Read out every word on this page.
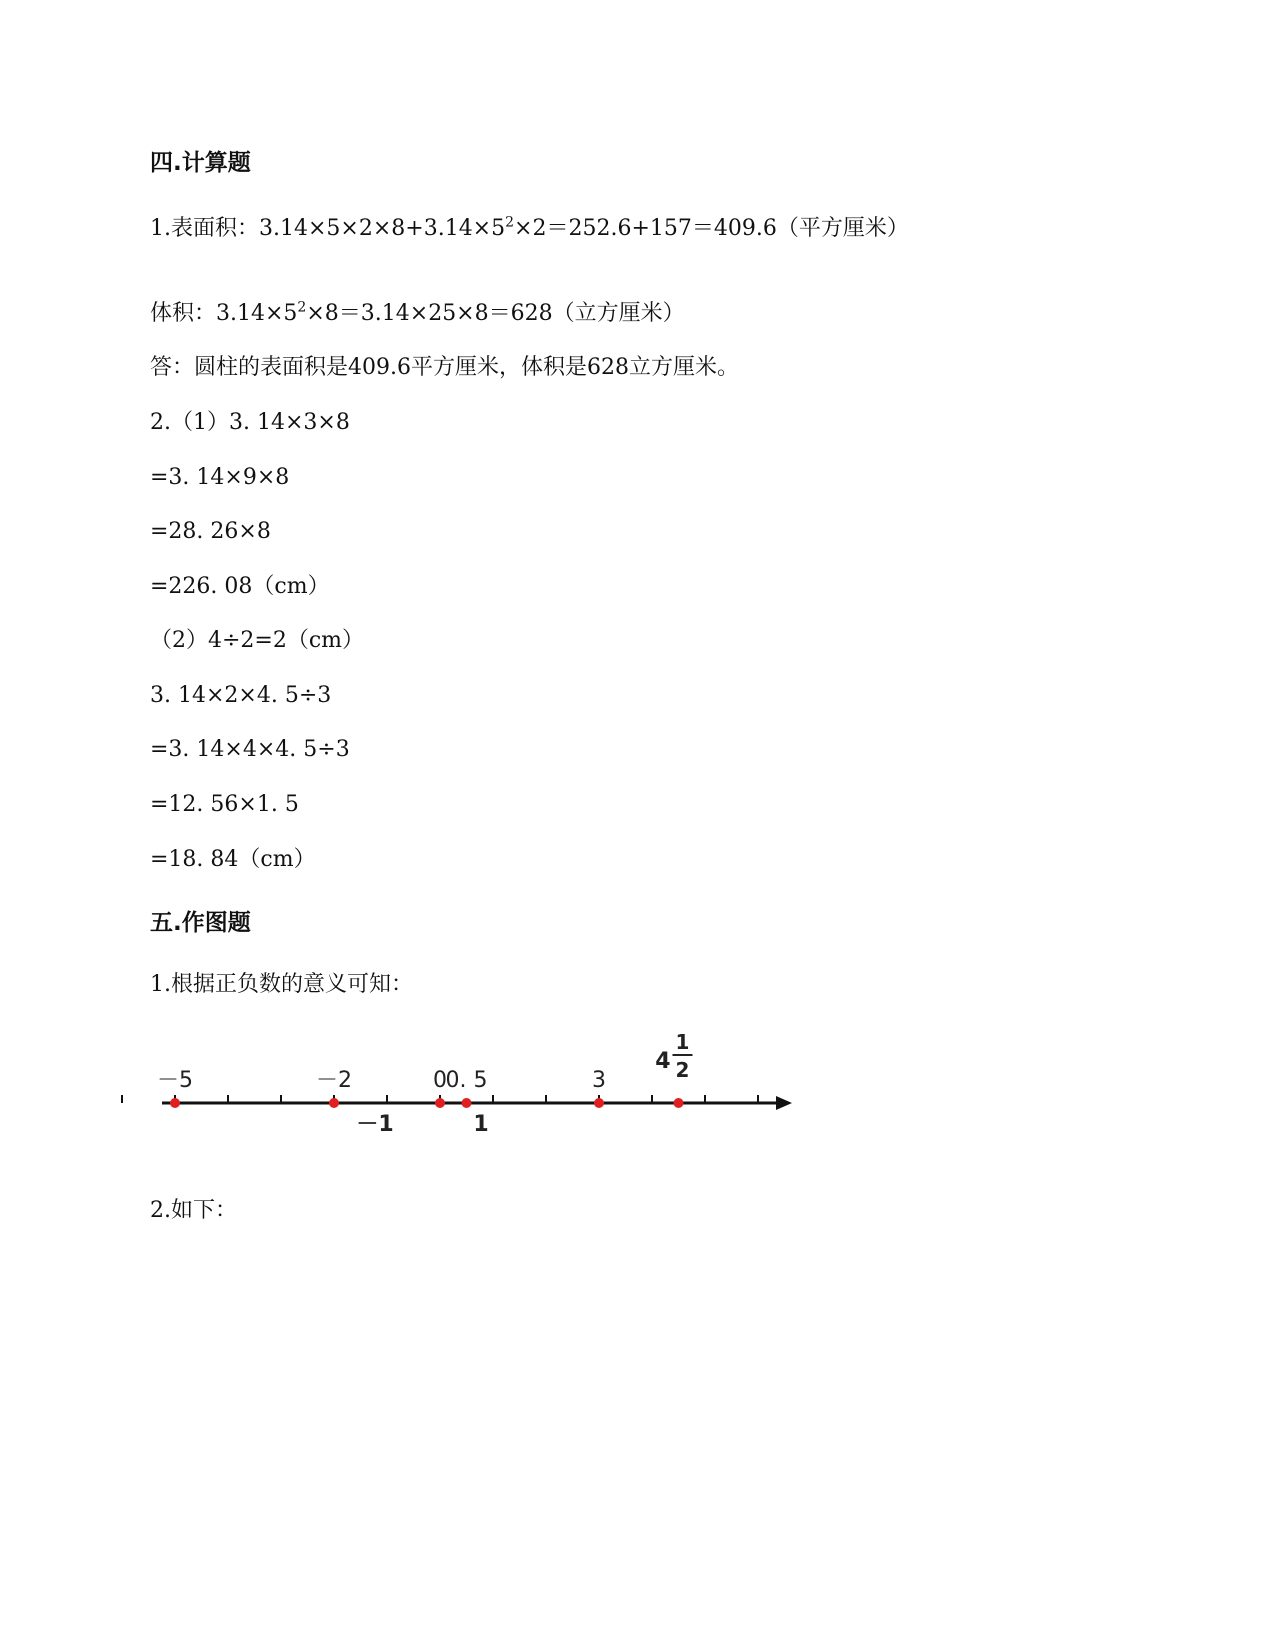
四.计算题
1.表面积：$3.14\times 5\times 2\times 8+3.14\times 5^2\times 2=252.6+157=409.6$（平方厘米）
体积：$3.14\times 5^2\times 8=3.14\times 25\times 8=628$（立方厘米）
答：圆柱的表面积是409.6平方厘米，体积是628立方厘米。
2.（1）3. 14×3×8
=3. 14×9×8
=28. 26×8
=226. 08（cm）
（2）4÷2=2（cm）
3. 14×2×4. 5÷3
=3. 14×4×4. 5÷3
=12. 56×1. 5
=18. 84（cm）
五.作图题
1.根据正负数的意义可知：
－5	－2	0
0. 5	3
4
1
2
－1	1
2.如下：
